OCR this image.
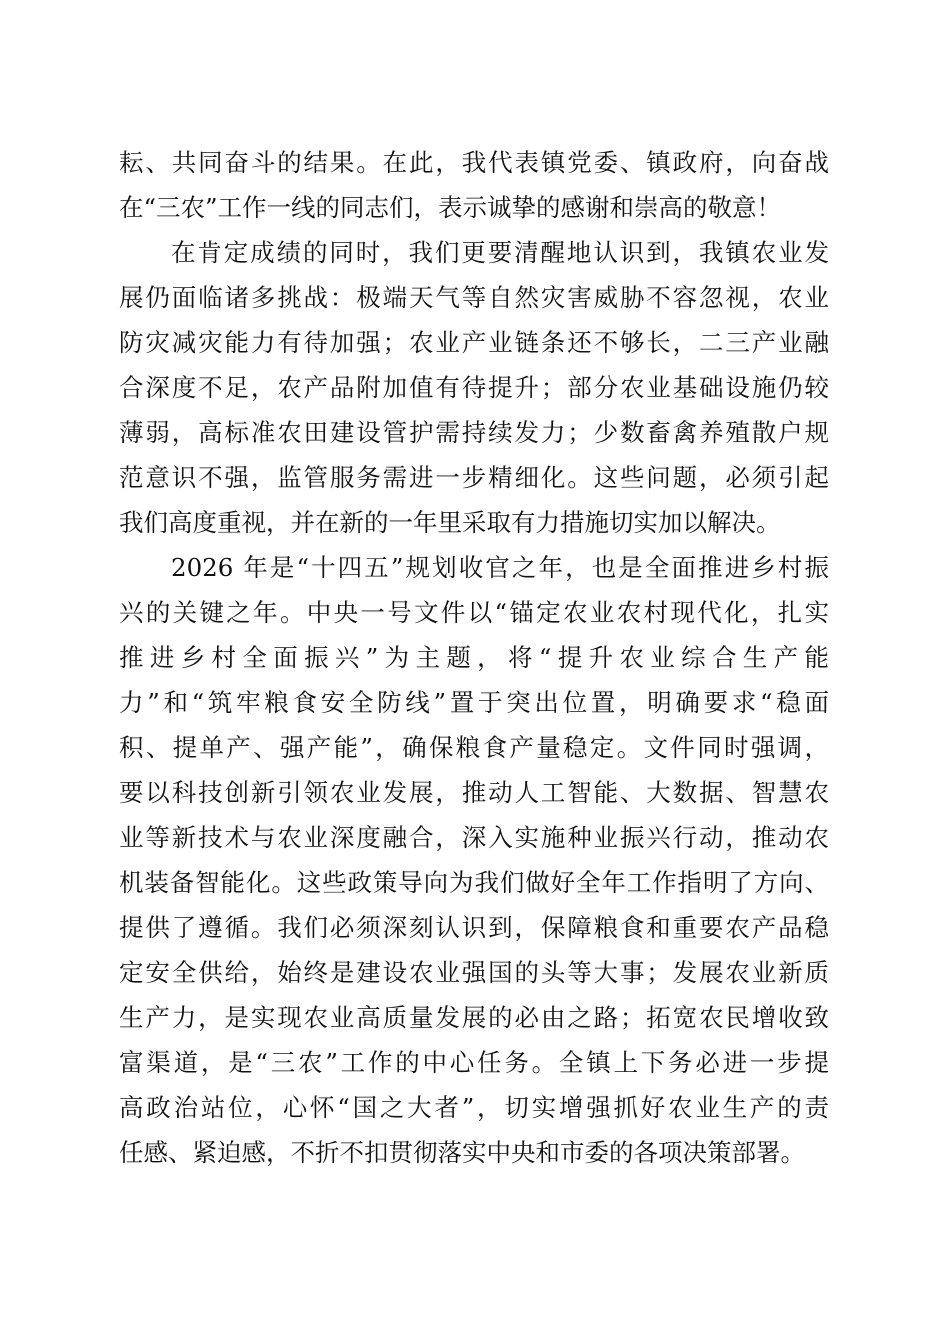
耘、共同奋斗的结果。在此，我代表镇党委、镇政府，向奋战
在“三农”工作一线的同志们，表示诚挚的感谢和崇高的敬意！
在肯定成绩的同时，我们更要清醒地认识到，我镇农业发
展仍面临诸多挑战：极端天气等自然灾害威胁不容忽视，农业
防灾减灾能力有待加强；农业产业链条还不够长，二三产业融
合深度不足，农产品附加值有待提升；部分农业基础设施仍较
薄弱，高标准农田建设管护需持续发力；少数畜禽养殖散户规
范意识不强，监管服务需进一步精细化。这些问题，必须引起
我们高度重视，并在新的一年里采取有力措施切实加以解决。
2026 年是“十四五”规划收官之年，也是全面推进乡村振
兴的关键之年。中央一号文件以“锚定农业农村现代化，扎实
推进乡村全面振兴”为主题，将“提升农业综合生产能
力”和“筑牢粮食安全防线”置于突出位置，明确要求“稳面
积、提单产、强产能”，确保粮食产量稳定。文件同时强调，
要以科技创新引领农业发展，推动人工智能、大数据、智慧农
业等新技术与农业深度融合，深入实施种业振兴行动，推动农
机装备智能化。这些政策导向为我们做好全年工作指明了方向、
提供了遵循。我们必须深刻认识到，保障粮食和重要农产品稳
定安全供给，始终是建设农业强国的头等大事；发展农业新质
生产力，是实现农业高质量发展的必由之路；拓宽农民增收致
富渠道，是“三农”工作的中心任务。全镇上下务必进一步提
高政治站位，心怀“国之大者”，切实增强抓好农业生产的责
任感、紧迫感，不折不扣贯彻落实中央和市委的各项决策部署。
